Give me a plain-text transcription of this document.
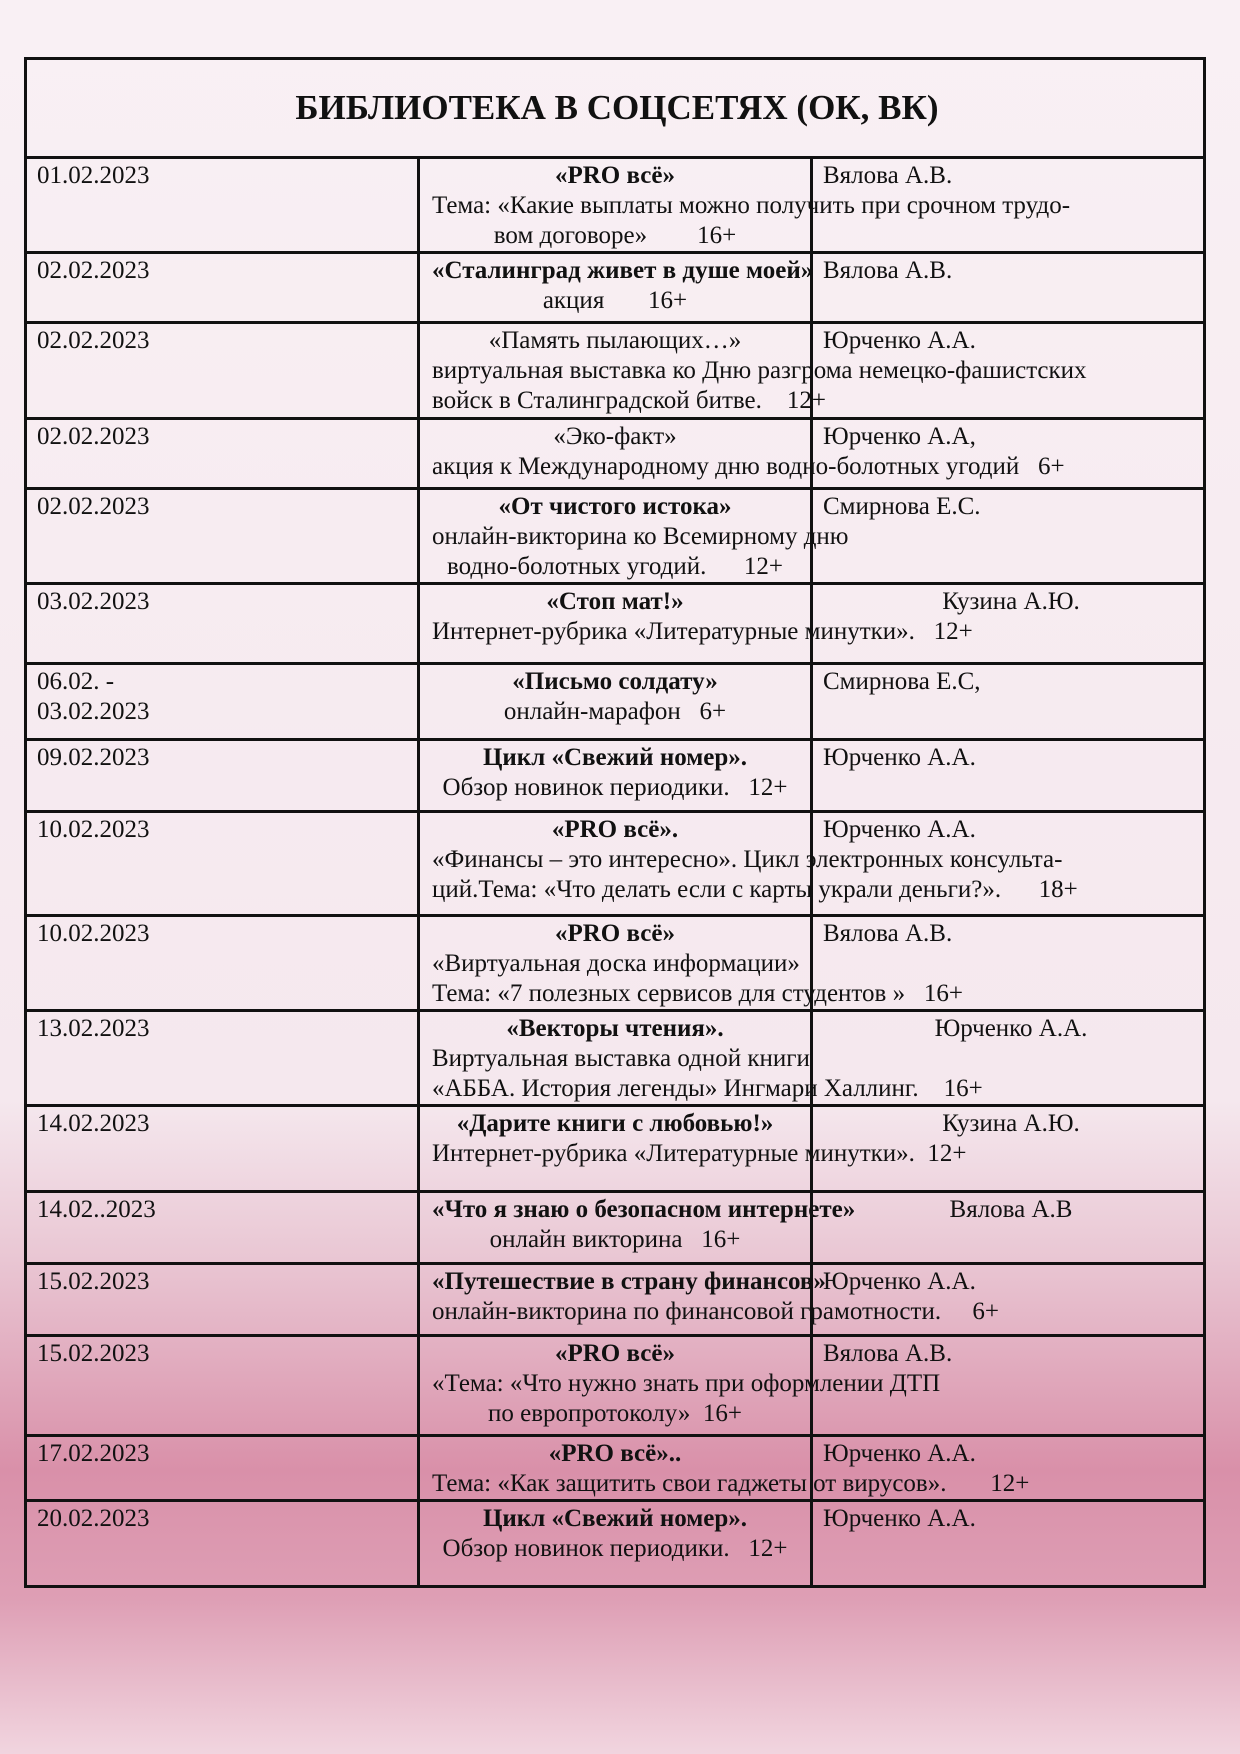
БИБЛИОТЕКА В СОЦСЕТЯХ (ОК, ВК)		
01.02.2023	«PRO всё»
Тема: «Какие выплаты можно получить при срочном трудо-
вом договоре»        16+	Вялова А.В.
02.02.2023	«Сталинград живет в душе моей»
акция       16+	Вялова А.В.
02.02.2023	«Память пылающих…»
виртуальная выставка ко Дню разгрома немецко-фашистских
войск в Сталинградской битве.    12+	Юрченко А.А.
02.02.2023	«Эко-факт»
акция к Международному дню водно-болотных угодий   6+	Юрченко А.А,
02.02.2023	«От чистого истока»
онлайн-викторина ко Всемирному дню
водно-болотных угодий.      12+	Смирнова Е.С.
03.02.2023	«Стоп мат!»
Интернет-рубрика «Литературные минутки».   12+	Кузина А.Ю.
06.02. -
03.02.2023	«Письмо солдату»
онлайн-марафон   6+	Смирнова Е.С,
09.02.2023	Цикл «Свежий номер».
Обзор новинок периодики.   12+	Юрченко А.А.
10.02.2023	«PRO всё».
«Финансы – это интересно». Цикл электронных консульта-
ций.Тема: «Что делать если с карты украли деньги?».      18+	Юрченко А.А.
10.02.2023	«PRO всё»
«Виртуальная доска информации»
Тема: «7 полезных сервисов для студентов »   16+	Вялова А.В.
13.02.2023	«Векторы чтения».
Виртуальная выставка одной книги
«АББА. История легенды» Ингмари Халлинг.    16+	Юрченко А.А.
14.02.2023	«Дарите книги с любовью!»
Интернет-рубрика «Литературные минутки».  12+	Кузина А.Ю.
14.02..2023	«Что я знаю о безопасном интернете»
онлайн викторина   16+	Вялова А.В
15.02.2023	«Путешествие в страну финансов»
онлайн-викторина по финансовой грамотности.     6+	Юрченко А.А.
15.02.2023	«PRO всё»
«Тема: «Что нужно знать при оформлении ДТП
по европротоколу»  16+	Вялова А.В.
17.02.2023	«PRO всё»..
Тема: «Как защитить свои гаджеты от вирусов».       12+	Юрченко А.А.
20.02.2023	Цикл «Свежий номер».
Обзор новинок периодики.   12+	Юрченко А.А.
